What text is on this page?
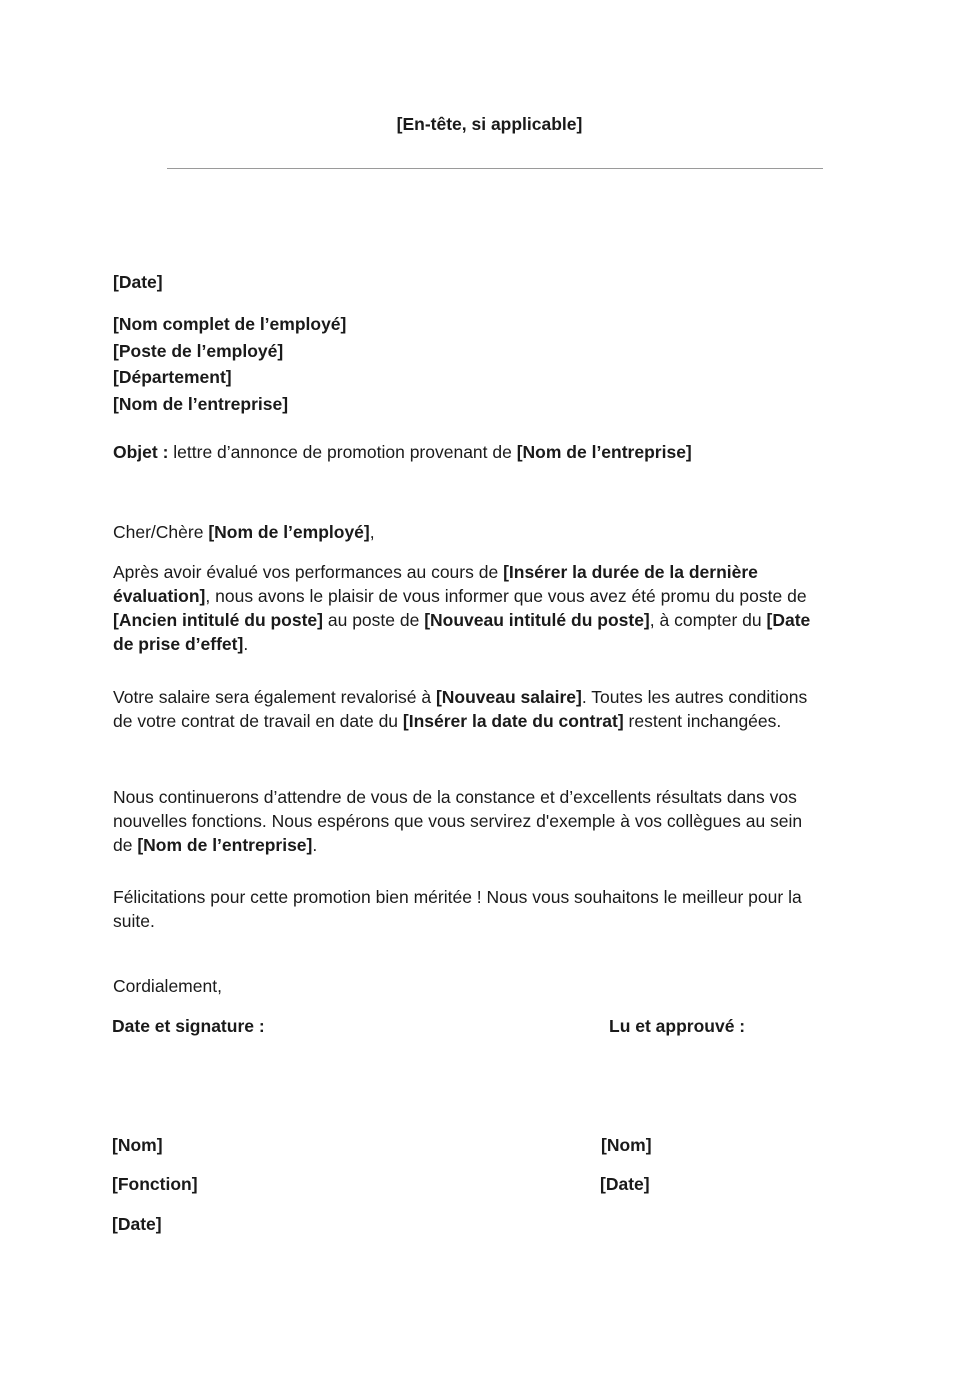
[En-tête, si applicable]
[Date]
[Nom complet de l’employé]
[Poste de l’employé]
[Département]
[Nom de l’entreprise]
Objet : lettre d’annonce de promotion provenant de [Nom de l’entreprise]
Cher/Chère [Nom de l’employé],
Après avoir évalué vos performances au cours de [Insérer la durée de la dernière évaluation], nous avons le plaisir de vous informer que vous avez été promu du poste de [Ancien intitulé du poste] au poste de [Nouveau intitulé du poste], à compter du [Date de prise d’effet].
Votre salaire sera également revalorisé à [Nouveau salaire]. Toutes les autres conditions de votre contrat de travail en date du [Insérer la date du contrat] restent inchangées.
Nous continuerons d’attendre de vous de la constance et d’excellents résultats dans vos nouvelles fonctions. Nous espérons que vous servirez d'exemple à vos collègues au sein de [Nom de l’entreprise].
Félicitations pour cette promotion bien méritée ! Nous vous souhaitons le meilleur pour la suite.
Cordialement,
Date et signature :	Lu et approuvé :
[Nom]
[Fonction]
[Date]
[Nom]
[Date]
